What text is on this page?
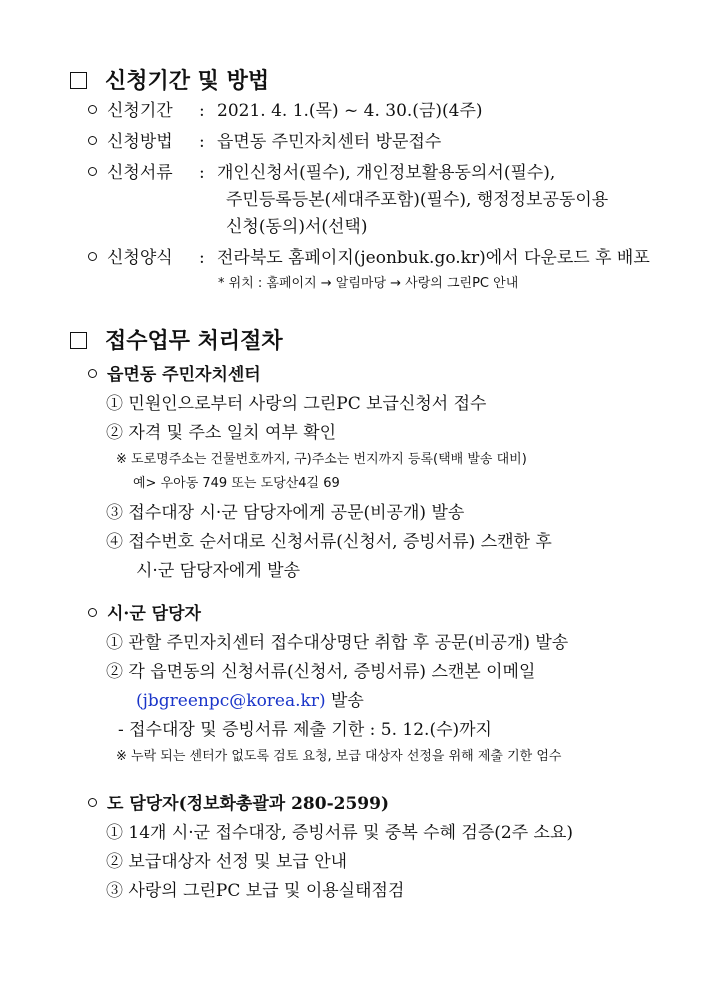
신청기간 및 방법
신청기간 : 2021. 4. 1.(목) ~ 4. 30.(금)(4주)
신청방법 : 읍면동 주민자치센터 방문접수
신청서류 : 개인신청서(필수), 개인정보활용동의서(필수),
주민등록등본(세대주포함)(필수), 행정정보공동이용
신청(동의)서(선택)
신청양식 : 전라북도 홈페이지(jeonbuk.go.kr)에서 다운로드 후 배포
* 위치 : 홈페이지 → 알림마당 → 사랑의 그린PC 안내
접수업무 처리절차
읍면동 주민자치센터
① 민원인으로부터 사랑의 그린PC 보급신청서 접수
② 자격 및 주소 일치 여부 확인
※ 도로명주소는 건물번호까지, 구)주소는 번지까지 등록(택배 발송 대비)
예> 우아동 749 또는 도당산4길 69
③ 접수대장 시·군 담당자에게 공문(비공개) 발송
④ 접수번호 순서대로 신청서류(신청서, 증빙서류) 스캔한 후
시·군 담당자에게 발송
시·군 담당자
① 관할 주민자치센터 접수대상명단 취합 후 공문(비공개) 발송
② 각 읍면동의 신청서류(신청서, 증빙서류) 스캔본 이메일
(jbgreenpc@korea.kr) 발송
- 접수대장 및 증빙서류 제출 기한 : 5. 12.(수)까지
※ 누락 되는 센터가 없도록 검토 요청, 보급 대상자 선정을 위해 제출 기한 엄수
도 담당자(정보화총괄과 280-2599)
① 14개 시·군 접수대장, 증빙서류 및 중복 수혜 검증(2주 소요)
② 보급대상자 선정 및 보급 안내
③ 사랑의 그린PC 보급 및 이용실태점검
